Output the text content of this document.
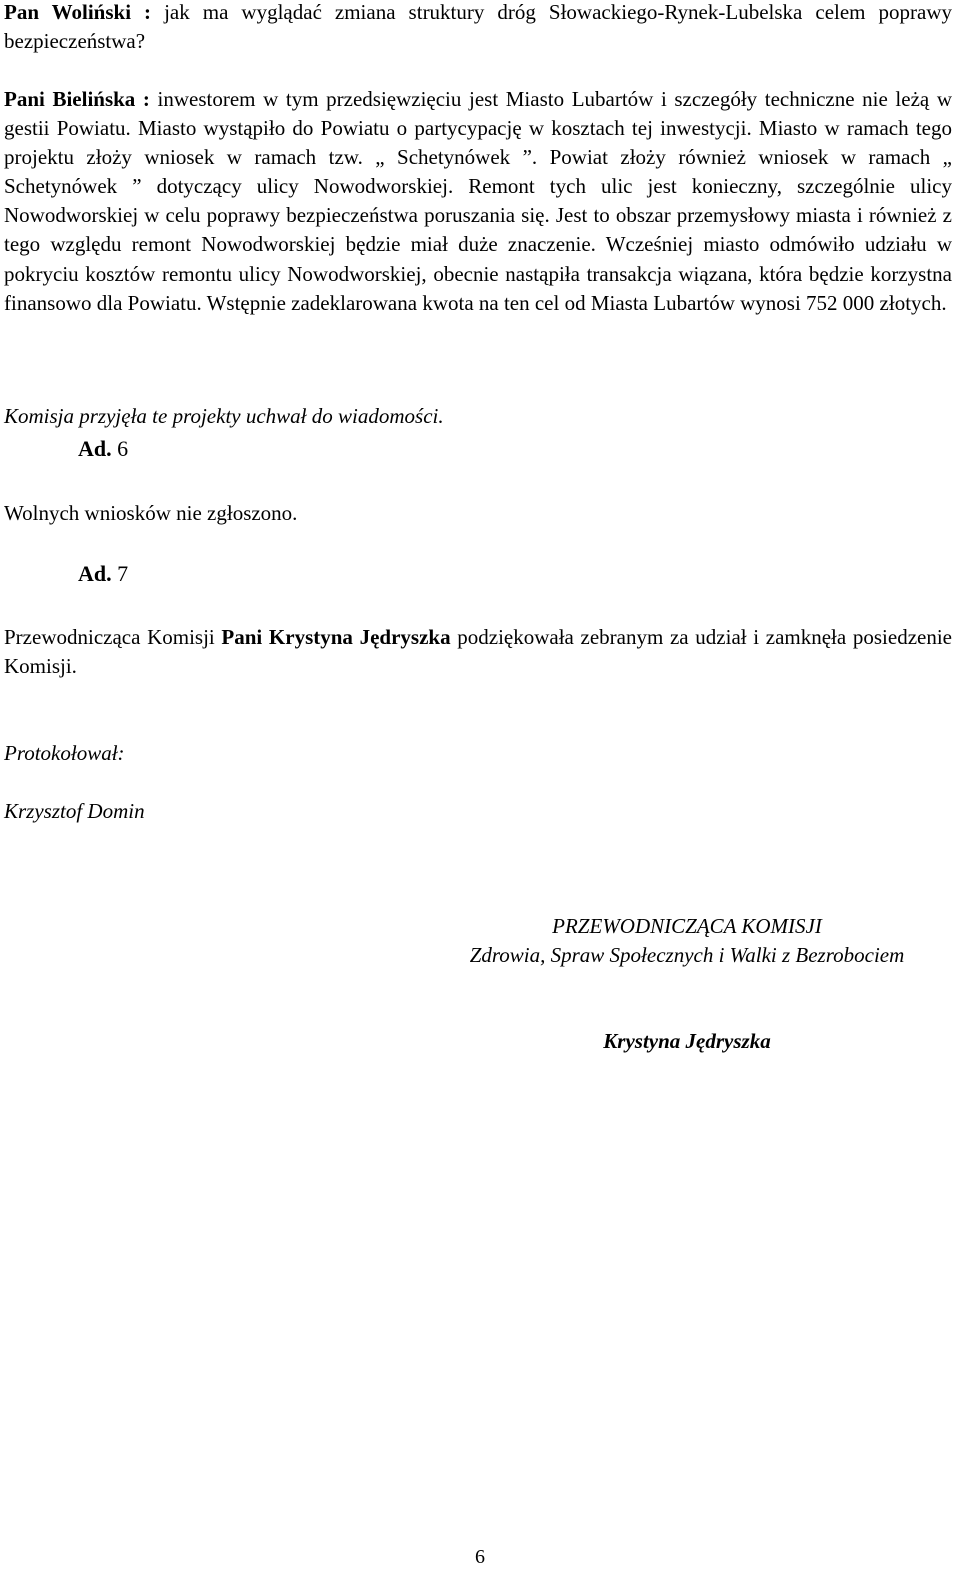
Pan Woliński : jak ma wyglądać zmiana struktury dróg Słowackiego-Rynek-Lubelska celem poprawy bezpieczeństwa?

Pani Bielińska : inwestorem w tym przedsięwzięciu jest Miasto Lubartów i szczegóły techniczne nie leżą w gestii Powiatu. Miasto wystąpiło do Powiatu o partycypację w kosztach tej inwestycji. Miasto w ramach tego projektu złoży wniosek w ramach tzw. „ Schetynówek ”. Powiat złoży również wniosek w ramach „ Schetynówek ” dotyczący ulicy Nowodworskiej. Remont tych ulic jest konieczny, szczególnie ulicy Nowodworskiej w celu poprawy bezpieczeństwa poruszania się. Jest to obszar przemysłowy miasta i również z tego względu remont Nowodworskiej będzie miał duże znaczenie. Wcześniej miasto odmówiło udziału w pokryciu kosztów remontu ulicy Nowodworskiej, obecnie nastąpiła transakcja wiązana, która będzie korzystna finansowo dla Powiatu. Wstępnie zadeklarowana kwota na ten cel od Miasta Lubartów wynosi 752 000 złotych.

Komisja przyjęła te projekty uchwał do wiadomości.

Ad. 6

Wolnych wniosków nie zgłoszono.

Ad. 7

Przewodnicząca Komisji Pani Krystyna Jędryszka podziękowała zebranym za udział i zamknęła posiedzenie Komisji.

Protokołował:

Krzysztof Domin

PRZEWODNICZĄCA KOMISJI
Zdrowia, Spraw Społecznych i Walki z Bezrobociem
Krystyna Jędryszka
6
